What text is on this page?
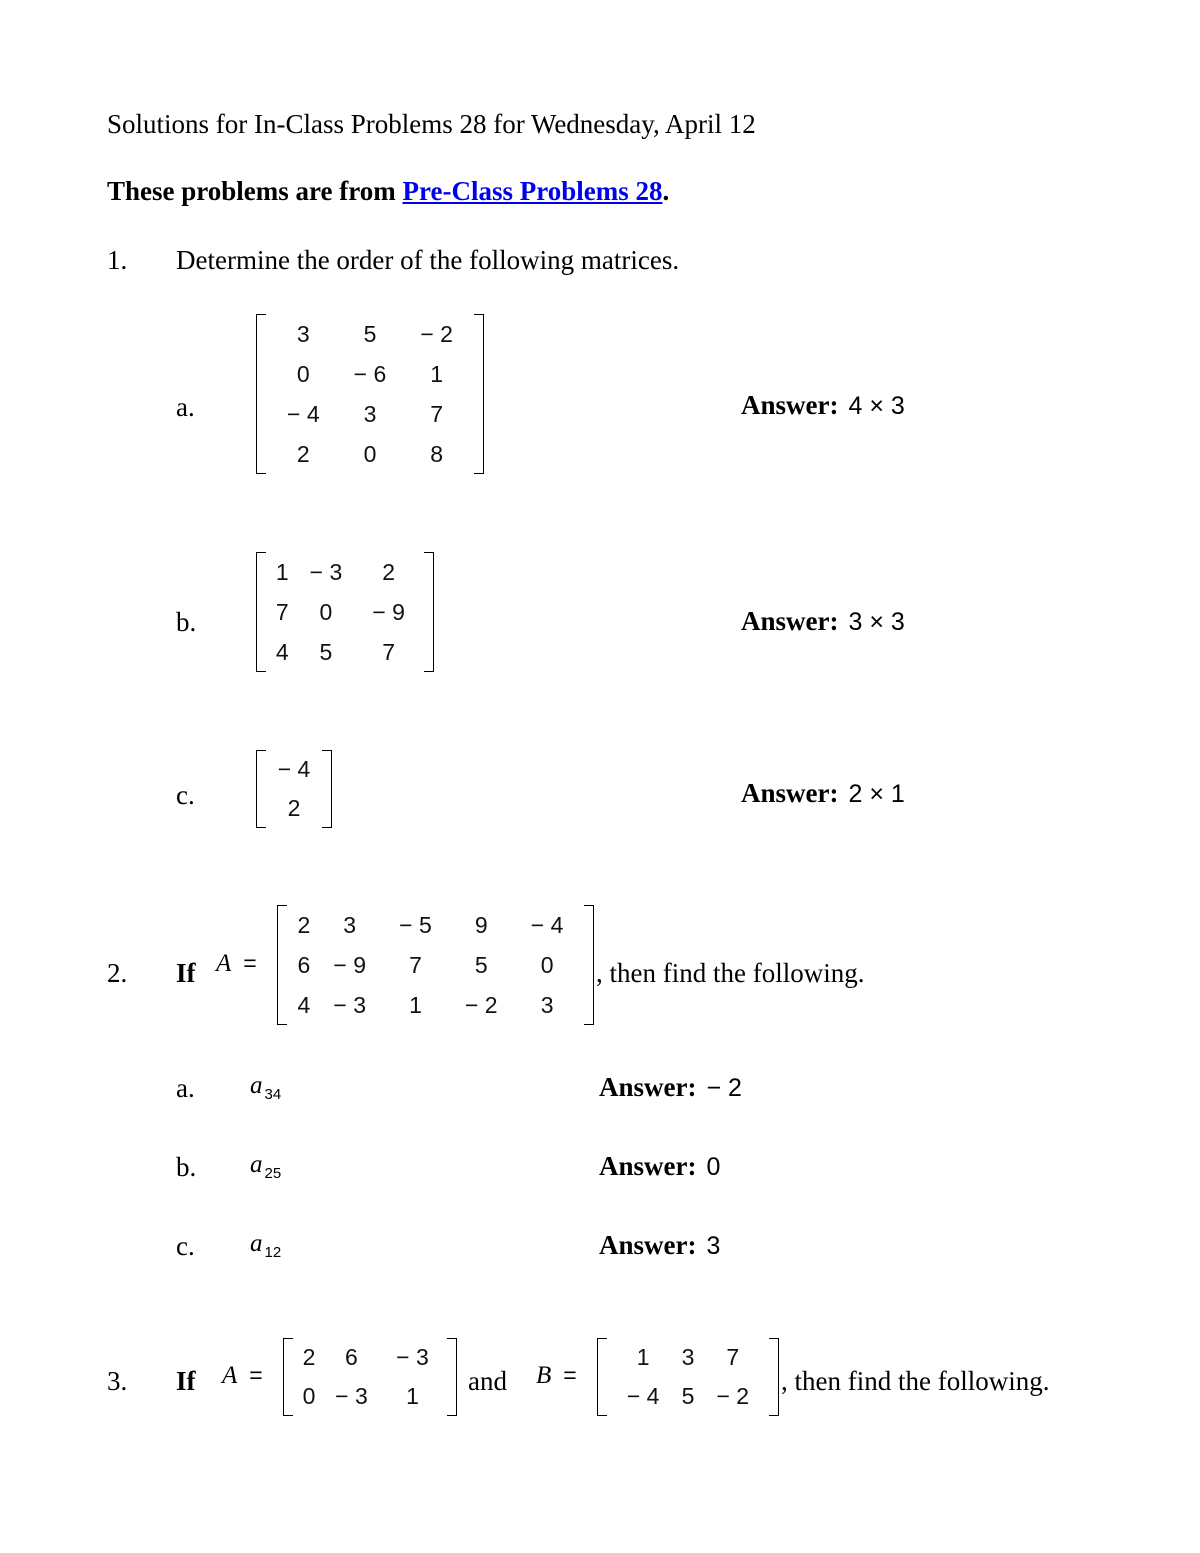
Solutions for In-Class Problems 28 for Wednesday, April 12
These problems are from Pre-Class Problems 28.
1. Determine the order of the following matrices.
a.
3	5	− 2
0	− 6	1
− 4	3	7
2	0	8
Answer: 4 × 3
b.
1	− 3	2
7	0	− 9
4	5	7
Answer: 3 × 3
c.
− 4
2	Answer: 2 × 1
2. If A =
2	3	− 5	9	− 4
6	− 9	7	5	0
4	− 3	1	− 2	3
, then find the following.
a. a 34	Answer: − 2
b. a 25	Answer: 0
c. a 12	Answer: 3
3. If A =
2	6	− 3
0	− 3	1 and B =
1	3	7
− 4	5	− 2 , then find the following.
